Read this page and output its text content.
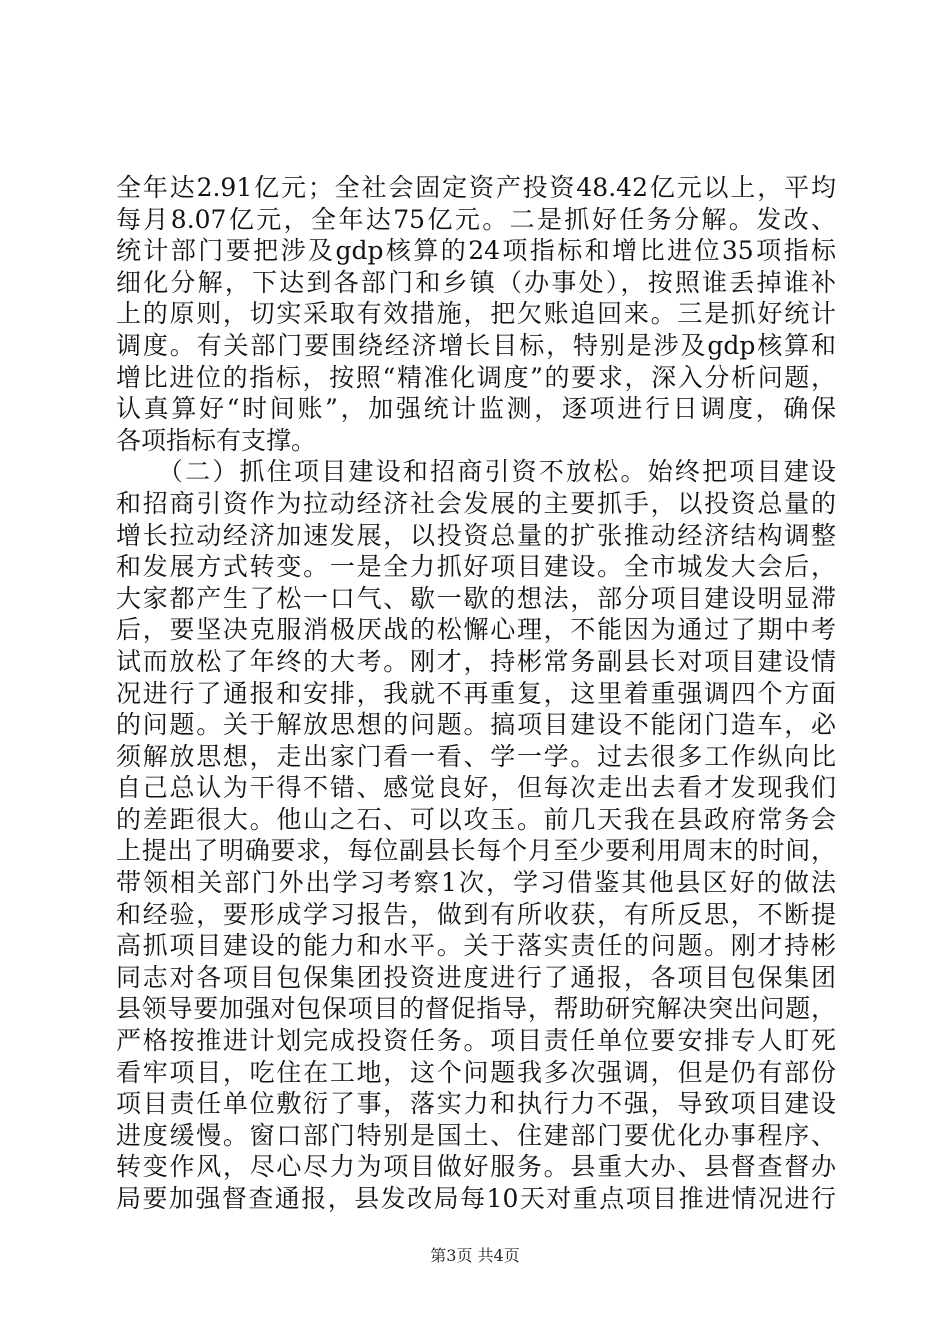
全年达2.91亿元；全社会固定资产投资48.42亿元以上，平均
每月8.07亿元，全年达75亿元。二是抓好任务分解。发改、
统计部门要把涉及gdp核算的24项指标和增比进位35项指标
细化分解，下达到各部门和乡镇（办事处），按照谁丢掉谁补
上的原则，切实采取有效措施，把欠账追回来。三是抓好统计
调度。有关部门要围绕经济增长目标，特别是涉及gdp核算和
增比进位的指标，按照“精准化调度”的要求，深入分析问题，
认真算好“时间账”，加强统计监测，逐项进行日调度，确保
各项指标有支撑。
　　（二）抓住项目建设和招商引资不放松。始终把项目建设
和招商引资作为拉动经济社会发展的主要抓手，以投资总量的
增长拉动经济加速发展，以投资总量的扩张推动经济结构调整
和发展方式转变。一是全力抓好项目建设。全市城发大会后，
大家都产生了松一口气、歇一歇的想法，部分项目建设明显滞
后，要坚决克服消极厌战的松懈心理，不能因为通过了期中考
试而放松了年终的大考。刚才，持彬常务副县长对项目建设情
况进行了通报和安排，我就不再重复，这里着重强调四个方面
的问题。关于解放思想的问题。搞项目建设不能闭门造车，必
须解放思想，走出家门看一看、学一学。过去很多工作纵向比
自己总认为干得不错、感觉良好，但每次走出去看才发现我们
的差距很大。他山之石、可以攻玉。前几天我在县政府常务会
上提出了明确要求，每位副县长每个月至少要利用周末的时间，
带领相关部门外出学习考察1次，学习借鉴其他县区好的做法
和经验，要形成学习报告，做到有所收获，有所反思，不断提
高抓项目建设的能力和水平。关于落实责任的问题。刚才持彬
同志对各项目包保集团投资进度进行了通报，各项目包保集团
县领导要加强对包保项目的督促指导，帮助研究解决突出问题，
严格按推进计划完成投资任务。项目责任单位要安排专人盯死
看牢项目，吃住在工地，这个问题我多次强调，但是仍有部份
项目责任单位敷衍了事，落实力和执行力不强，导致项目建设
进度缓慢。窗口部门特别是国土、住建部门要优化办事程序、
转变作风，尽心尽力为项目做好服务。县重大办、县督查督办
局要加强督查通报，县发改局每10天对重点项目推进情况进行
第3页 共4页
